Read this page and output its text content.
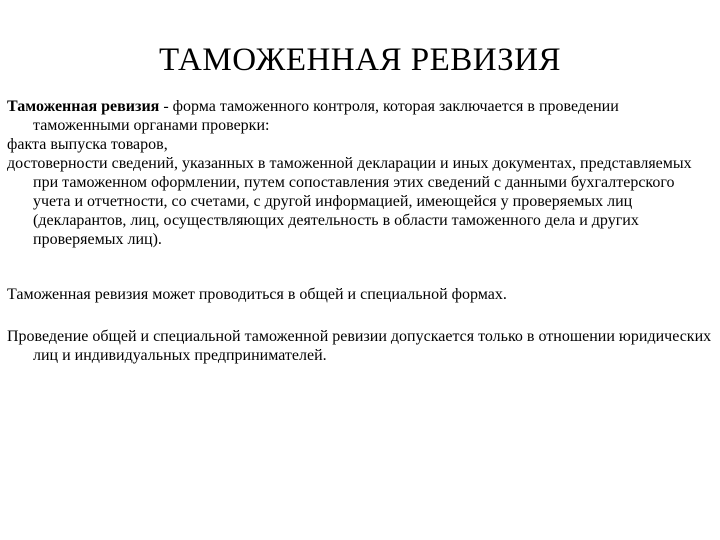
ТАМОЖЕННАЯ РЕВИЗИЯ

Таможенная ревизия - форма таможенного контроля, которая заключается в проведении таможенными органами проверки:

факта выпуска товаров,

достоверности сведений, указанных в таможенной декларации и иных документах, представляемых при таможенном оформлении, путем сопоставления этих сведений с данными бухгалтерского учета и отчетности, со счетами, с другой информацией, имеющейся у проверяемых лиц (декларантов, лиц, осуществляющих деятельность в области таможенного дела и других проверяемых лиц).

Таможенная ревизия может проводиться в общей и специальной формах.

Проведение общей и специальной таможенной ревизии допускается только в отношении юридических лиц и индивидуальных предпринимателей.
